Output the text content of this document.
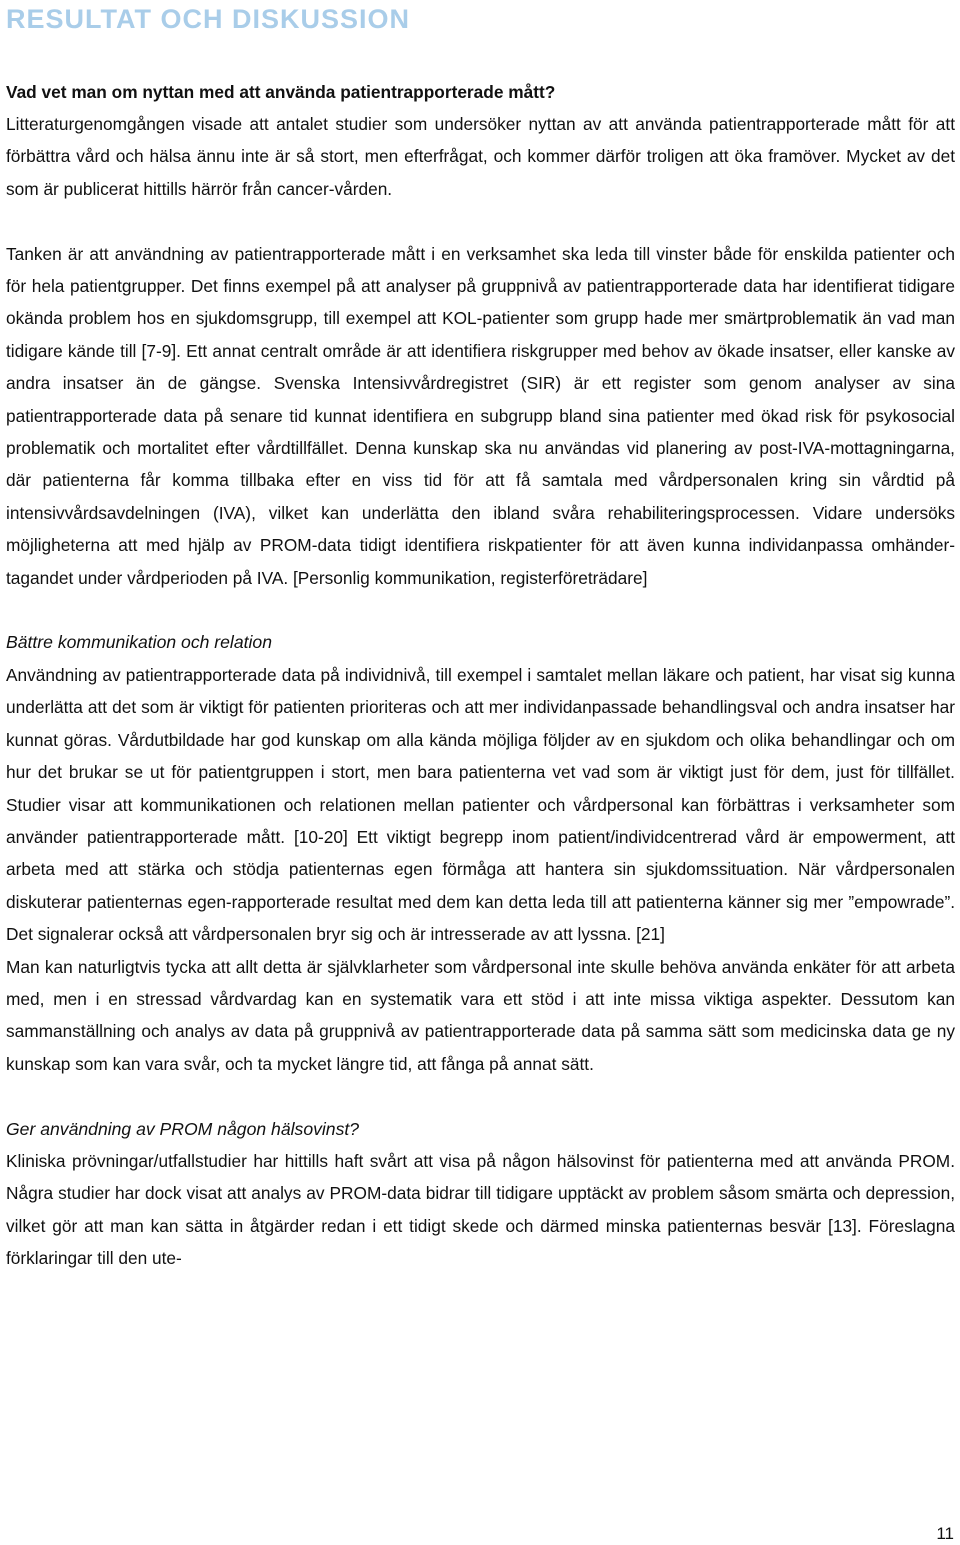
RESULTAT OCH DISKUSSION
Vad vet man om nyttan med att använda patientrapporterade mått?

Litteraturgenomgången visade att antalet studier som undersöker nyttan av att använda patientrapporterade mått för att förbättra vård och hälsa ännu inte är så stort, men efterfrågat, och kommer därför troligen att öka framöver. Mycket av det som är publicerat hittills härrör från cancer-vården.

Tanken är att användning av patientrapporterade mått i en verksamhet ska leda till vinster både för enskilda patienter och för hela patientgrupper. Det finns exempel på att analyser på gruppnivå av patientrapporterade data har identifierat tidigare okända problem hos en sjukdomsgrupp, till exempel att KOL-patienter som grupp hade mer smärtproblematik än vad man tidigare kände till [7-9]. Ett annat centralt område är att identifiera riskgrupper med behov av ökade insatser, eller kanske av andra insatser än de gängse. Svenska Intensivvårdregistret (SIR) är ett register som genom analyser av sina patientrapporterade data på senare tid kunnat identifiera en subgrupp bland sina patienter med ökad risk för psykosocial problematik och mortalitet efter vårdtillfället. Denna kunskap ska nu användas vid planering av post-IVA-mottagningarna, där patienterna får komma tillbaka efter en viss tid för att få samtala med vårdpersonalen kring sin vårdtid på intensivvårdsavdelningen (IVA), vilket kan underlätta den ibland svåra rehabiliteringsprocessen. Vidare undersöks möjligheterna att med hjälp av PROM-data tidigt identifiera riskpatienter för att även kunna individanpassa omhänder-tagandet under vårdperioden på IVA. [Personlig kommunikation, registerföreträdare]

Bättre kommunikation och relation

Användning av patientrapporterade data på individnivå, till exempel i samtalet mellan läkare och patient, har visat sig kunna underlätta att det som är viktigt för patienten prioriteras och att mer individanpassade behandlingsval och andra insatser har kunnat göras. Vårdutbildade har god kunskap om alla kända möjliga följder av en sjukdom och olika behandlingar och om hur det brukar se ut för patientgruppen i stort, men bara patienterna vet vad som är viktigt just för dem, just för tillfället. Studier visar att kommunikationen och relationen mellan patienter och vårdpersonal kan förbättras i verksamheter som använder patientrapporterade mått. [10-20] Ett viktigt begrepp inom patient/individcentrerad vård är empowerment, att arbeta med att stärka och stödja patienternas egen förmåga att hantera sin sjukdomssituation. När vårdpersonalen diskuterar patienternas egen-rapporterade resultat med dem kan detta leda till att patienterna känner sig mer ”empowrade”. Det signalerar också att vårdpersonalen bryr sig och är intresserade av att lyssna. [21]

Man kan naturligtvis tycka att allt detta är självklarheter som vårdpersonal inte skulle behöva använda enkäter för att arbeta med, men i en stressad vårdvardag kan en systematik vara ett stöd i att inte missa viktiga aspekter. Dessutom kan sammanställning och analys av data på gruppnivå av patientrapporterade data på samma sätt som medicinska data ge ny kunskap som kan vara svår, och ta mycket längre tid, att fånga på annat sätt.

Ger användning av PROM någon hälsovinst?

Kliniska prövningar/utfallstudier har hittills haft svårt att visa på någon hälsovinst för patienterna med att använda PROM. Några studier har dock visat att analys av PROM-data bidrar till tidigare upptäckt av problem såsom smärta och depression, vilket gör att man kan sätta in åtgärder redan i ett tidigt skede och därmed minska patienternas besvär [13]. Föreslagna förklaringar till den ute-

11
